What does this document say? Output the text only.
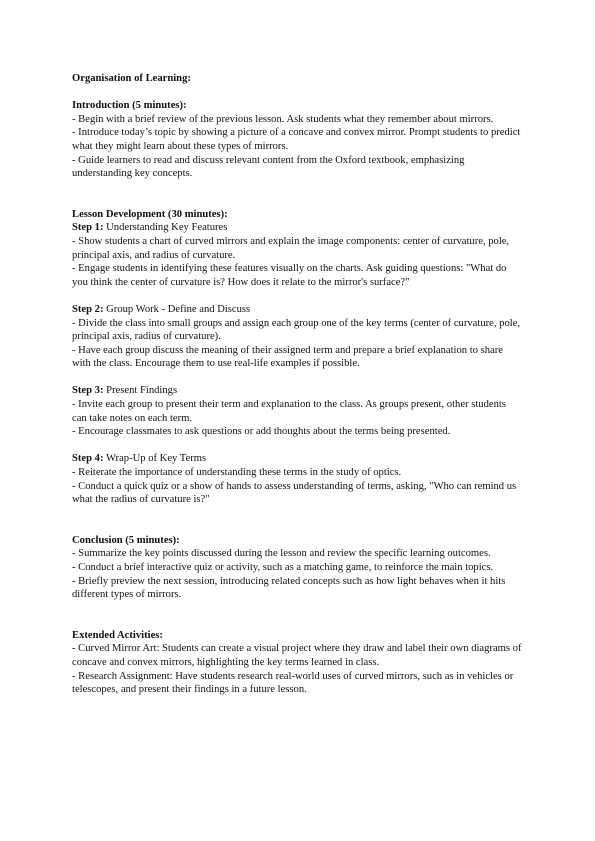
Organisation of Learning:

Introduction (5 minutes):

- Begin with a brief review of the previous lesson. Ask students what they remember about mirrors.

- Introduce today’s topic by showing a picture of a concave and convex mirror. Prompt students to predict what they might learn about these types of mirrors.

- Guide learners to read and discuss relevant content from the Oxford textbook, emphasizing understanding key concepts.

Lesson Development (30 minutes):

Step 1: Understanding Key Features

- Show students a chart of curved mirrors and explain the image components: center of curvature, pole, principal axis, and radius of curvature.

- Engage students in identifying these features visually on the charts. Ask guiding questions: "What do you think the center of curvature is? How does it relate to the mirror's surface?"

Step 2: Group Work - Define and Discuss

- Divide the class into small groups and assign each group one of the key terms (center of curvature, pole, principal axis, radius of curvature).

- Have each group discuss the meaning of their assigned term and prepare a brief explanation to share with the class. Encourage them to use real-life examples if possible.

Step 3: Present Findings

- Invite each group to present their term and explanation to the class. As groups present, other students can take notes on each term.

- Encourage classmates to ask questions or add thoughts about the terms being presented.

Step 4: Wrap-Up of Key Terms

- Reiterate the importance of understanding these terms in the study of optics.

- Conduct a quick quiz or a show of hands to assess understanding of terms, asking, "Who can remind us what the radius of curvature is?"

Conclusion (5 minutes):

- Summarize the key points discussed during the lesson and review the specific learning outcomes.

- Conduct a brief interactive quiz or activity, such as a matching game, to reinforce the main topics.

- Briefly preview the next session, introducing related concepts such as how light behaves when it hits different types of mirrors.

Extended Activities:

- Curved Mirror Art: Students can create a visual project where they draw and label their own diagrams of concave and convex mirrors, highlighting the key terms learned in class.

- Research Assignment: Have students research real-world uses of curved mirrors, such as in vehicles or telescopes, and present their findings in a future lesson.
